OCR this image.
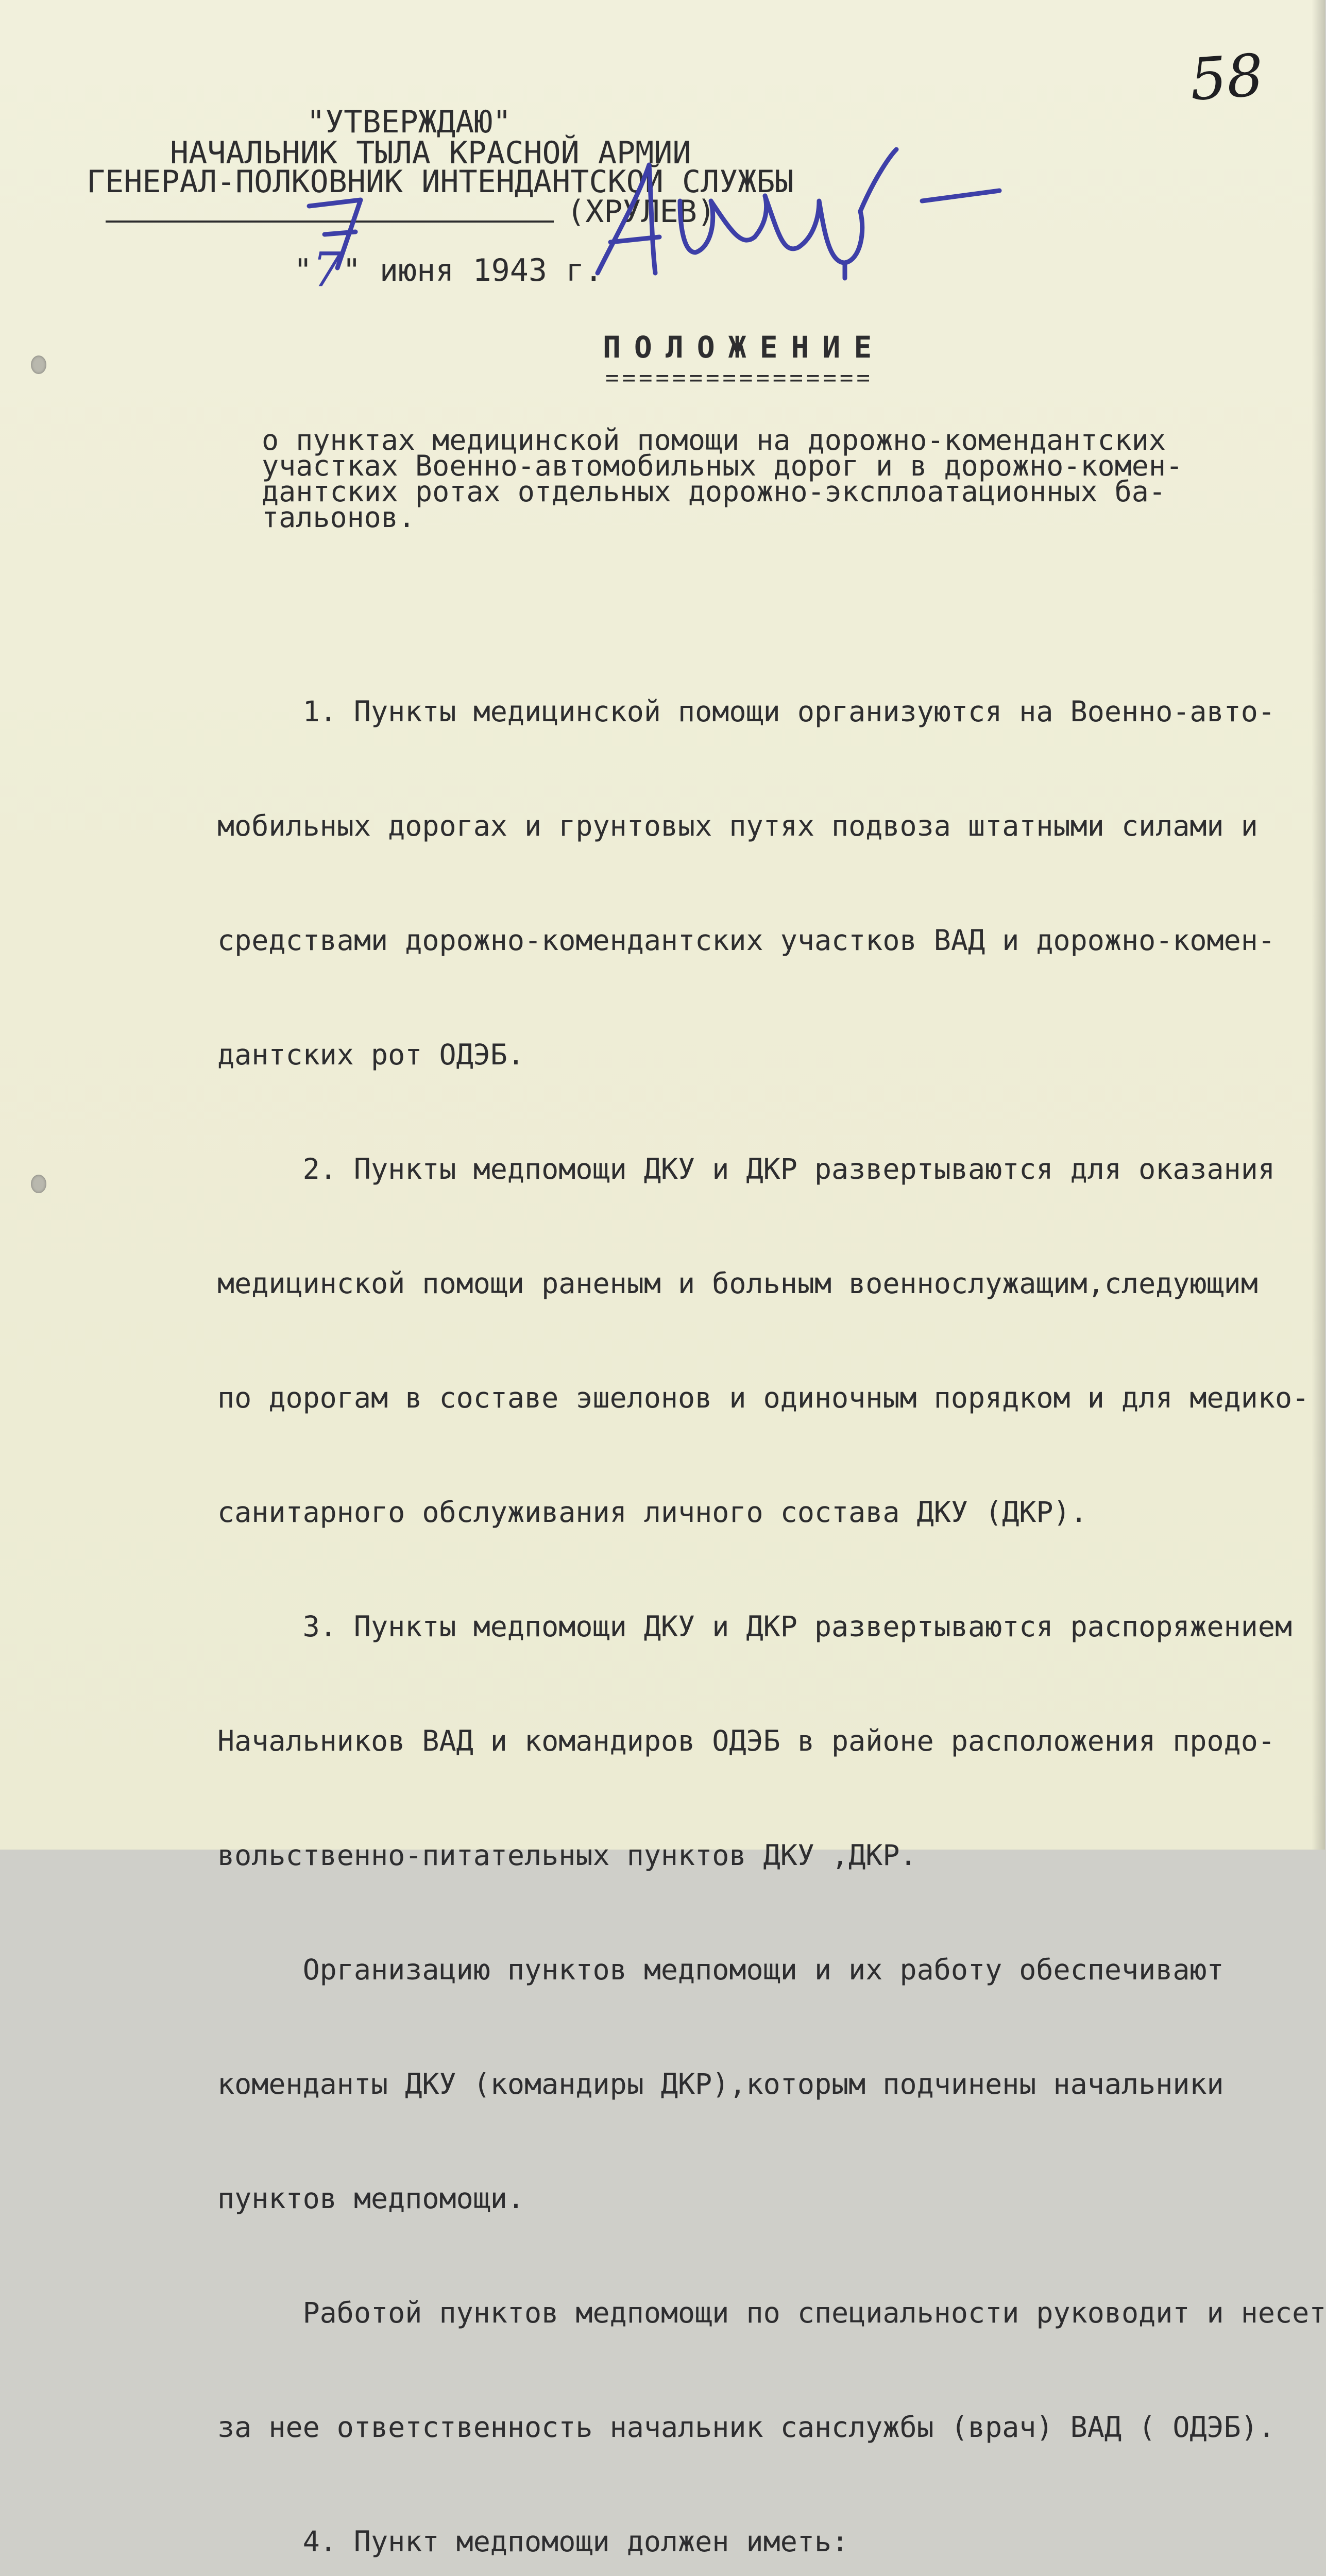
58
"УТВЕРЖДАЮ"
НАЧАЛЬНИК ТЫЛА КРАСНОЙ АРМИИ
ГЕНЕРАЛ-ПОЛКОВНИК ИНТЕНДАНТСКОЙ СЛУЖБЫ
(ХРУЛЕВ)
"7" июня 1943 г.
ПОЛОЖЕНИЕ
================
о пунктах медицинской помощи на дорожно-комендантских
участках Военно-автомобильных дорог и в дорожно-комен-
дантских ротах отдельных дорожно-эксплоатационных ба-
тальонов.

1. Пункты медицинской помощи организуются на Военно-авто-

мобильных дорогах и грунтовых путях подвоза штатными силами и

средствами дорожно-комендантских участков ВАД и дорожно-комен-

дантских рот ОДЭБ.

2. Пункты медпомощи ДКУ и ДКР развертываются для оказания

медицинской помощи раненым и больным военнослужащим,следующим

по дорогам в составе эшелонов и одиночным порядком и для медико-

санитарного обслуживания личного состава ДКУ (ДКР).

3. Пункты медпомощи ДКУ и ДКР развертываются распоряжением

Начальников ВАД и командиров ОДЭБ в районе расположения продо-

вольственно-питательных пунктов ДКУ ,ДКР.

Организацию пунктов медпомощи и их работу обеспечивают

коменданты ДКУ (командиры ДКР),которым подчинены начальники

пунктов медпомощи.

Работой пунктов медпомощи по специальности руководит и несет

за нее ответственность начальник санслужбы (врач) ВАД ( ОДЭБ).

4. Пункт медпомощи должен иметь:
